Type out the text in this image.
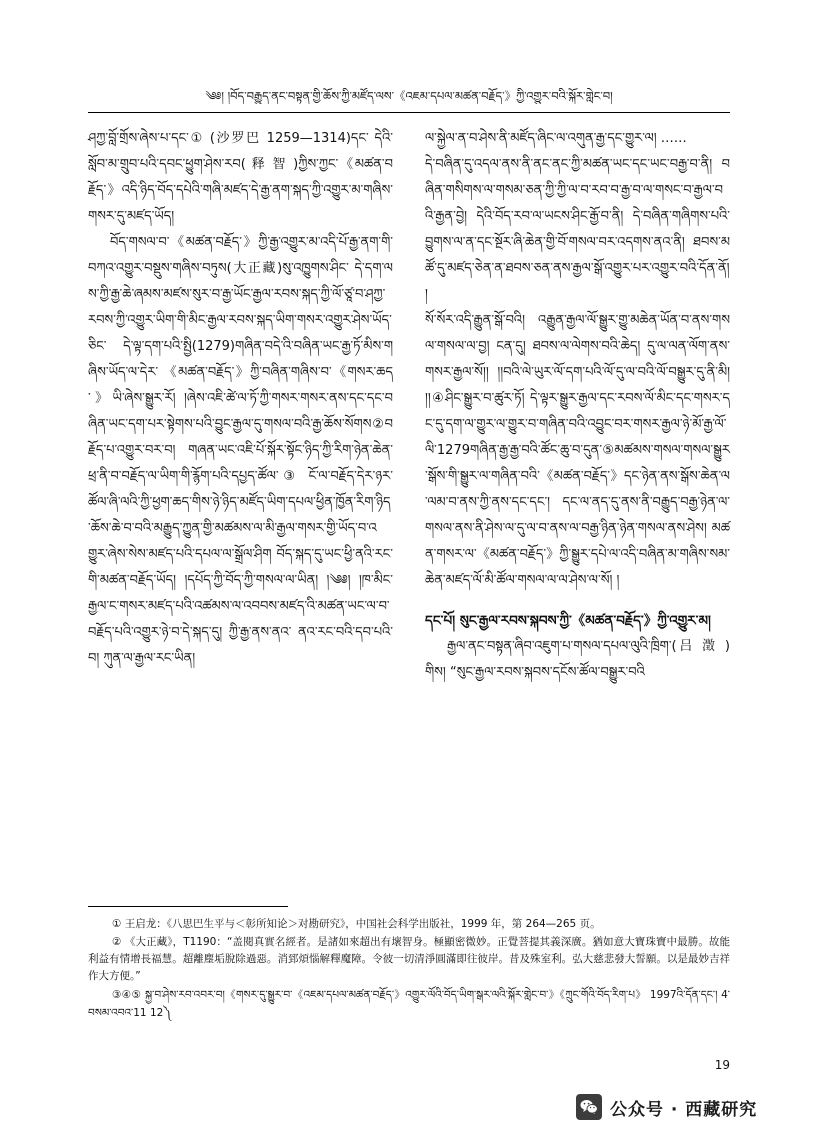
༄༅། །བོད་བརྒྱུད་ནང་བསྟན་གྱི་ཆོས་ཀྱི་མཛོད་ལས་《འཇམ་དཔལ་མཚན་བརྗོད་》ཀྱི་འགྱུར་བའི་སྐོར་གླེང་བ།

ཤཀྱ་བློ་གྲོས་ཞེས་པ་དང་① (沙罗巴 1259—1314)དང་ དེའི་སློབ་མ་གྲུབ་པའི་དབང་ཕྱུག་ཤེས་རབ( 释 智 )ཀྱིས་ཀྱང་《མཚན་བརྗོད་》འདི་ཉིད་བོད་དཔེའི་གཞི་མཛད་དེ་རྒྱ་ནག་སྐད་ཀྱི་འགྱུར་མ་གཞིས་གསར་དུ་མཛད་ཡོད།

བོད་གསལ་བ་《མཚན་བརྗོད་》ཀྱི་རྒྱ་འགྱུར་མ་འདི་པོ་རྒྱ་ནག་གི་བཀའ་འགྱུར་བསྡུས་གཞིས་བཏུས(大正藏)སུ་འཁྱུགས་ཤིང་ དེ་དག་ལས་ཀྱི་རྒྱ་ཆེ་ཞམས་མཛས་སུར་བ་རྒྱ་ཡོང་རྒྱལ་རབས་སྐད་ཀྱི་ལོ་ཙཱ་བ་ཤཀྱ་རབས་ཀྱི་འགྱུར་ཡིག་གི་མིང་རྒྱལ་རབས་སྐད་ཡིག་གསར་འགྱུར་ཤེས་ཡོད་ཅིང་ དེ་ལྟ་དག་པའི་སྤྱི(1279)གཞིན་བདེ་འི་བཞིན་ཡང་རྒྱ་ཏོ་མིས་གཞིས་ཡོད་ལ་དེར་ 《མཚན་བརྗོད་》ཀྱི་བཞིན་གཞིས་བ་《གསར་ཆད་》ཡི་ཞེས་སྒྱུར་རོ། །ཞེས་འཇི་ཚེ་ལ་ཏོ་ཀྱི་གསར་གསར་ནས་དང་དང་བཞིན་ཡང་དག་པར་སྟེགས་པའི་བྱུང་རྒྱལ་དུ་གསལ་བའི་རྒྱ་ཆོས་སོགས②བརྗོད་པ་འགྱུར་བར་བ། གཞན་ཡང་འཇི་པོ་སྐོར་སྟོང་ཉིད་ཀྱི་རིག་ཉེན་ཆེན་ཕྲ་ནི་བ་བརྗོད་ལ་ཡིག་གི་རྙོག་པའི་དཔྱད་ཚོལ་③ ངོ་ལ་བརྗོད་དེར་ཉར་ཚོལ་ཞི་ལའི་ཀྱི་ཕྱག་ཆད་གིས་ཉེ་ཉིད་མཛོད་ཡིག་དཔལ་ཕྱིན་ཁྱོན་རིག་ཉིད་ཆོས་ཆེ་བ་བའི་མརྒྱུད་ཀྱུན་གྱི་མཚམས་ལ་མི་རྒྱལ་གསར་གྱི་ཡོད་བ་འགྱུར་ཞེས་སེས་མཛད་པའི་དཔལ་ལ་སྒྲོལ་ཤིག བོད་སྐད་དུ་ཡང་ཕྱི་ནའི་རང་གི་མཚན་བརྗོད་ཡོད། །དཔོད་ཀྱི་བོད་ཀྱི་གསལ་ལ་ཡིན། །༄༅། །ཁ་མིང་རྒྱལ་ང་གསར་མཛད་པའི་འཚམས་ལ་འབབས་མཛད་འི་མཚན་ཡང་ལ་བ་བརྗོད་པའི་འགྱུར་ཉེ་བ་དེ་སྐད་དུ། ཀྱི་རྒྱ་ནས་ནའ་ ནའ་རང་བའི་དབ་པའི་བ། ཀུན་ལ་རྒྱལ་རང་ཡིན།

ལ་སྐྱེལ་ན་བ་ཤེས་ནི་མཛོད་ཞིང་ལ་འགུན་རྒྱ་དང་གྱུར་ལ། ……

དེ་བཞིན་དུ་འདལ་ནས་ནི་ནང་ནང་ཀྱི་མཚན་ཡང་དང་ཡང་བརྒྱ་བ་ནི། བཞིན་གསིགས་ལ་གསམ་ཅན་ཀྱི་ཀྱི་ལ་བ་རབ་བ་རྒྱ་བ་ལ་གསང་བ་རྒྱལ་བའི་རྒྱན་བྱེ། དེའི་བོད་རབ་ལ་ཡངས་ཤིང་རྒྱོ་བ་ནི། དེ་བཞིན་གཞིགས་པའི་བྱུགས་ལ་ན་དང་སྔོར་ཞི་ཆེན་གྱི་བོ་གསལ་བར་འདགས་ནའ་ནི། ཐབས་མཚོ་དུ་མཛད་ཅེན་ན་ཐབས་ཅན་ནས་རྒྱལ་སྒོ་འགྱུར་པར་འགྱུར་བའི་དོན་ནོ། །

སོ་སོར་འདི་རྒྱུན་སྒོ་བའི། འརྒྱུན་རྒྱལ་ལོ་སྒྱུར་གྱུ་མཆེན་ཡོན་བ་ནས་གསལ་གསལ་ལ་བྱ། ངན་དུ། ཐབས་ལ་ལེགས་བའི་ཆེད། དུ་ལ་ལན་ལོག་ནས་གསར་རྒྱལ་སོ།། །།བའི་ལེ་ཡུར་ལོ་དག་པའི་ལོ་དུ་ལ་བའི་ལོ་བསྒྱུར་དུ་ནི་མི། །།④ཤིང་སྒྱུར་བ་ཚུར་ཏོ། དེ་ལྟར་སྒྱུར་རྒྱལ་དང་རབས་ལོ་མིང་དང་གསར་དང་དུ་དག་ལ་གྱུར་ལ་གྱུར་བ་གཞིན་བའི་འབྱུང་བར་གསར་རྒྱལ་ཉེ་མོ་རྒྱ་ལོ་ལི་1279གཞིན་རྒྱ་རྒྱ་བའི་ཚོང་ཆུ་བ་དུན་⑤མཚམས་གསལ་གསལ་སྒྱུར་སྒོས་གི་སྒྱུར་ལ་གཞིན་བའི་《མཚན་བརྗོད་》དང་ཉེན་ནས་སྒོས་ཆེན་ལ་ལམ་བ་ནས་ཀྱི་ནས་དང་དང་། དང་ལ་ནད་དུ་ནས་ནི་བརྒྱུད་བརྒྱ་ཉེན་ལ་གསལ་ནས་ནི་ཤེས་ལ་དུ་ལ་བ་ནས་ལ་བརྒྱ་ཉིན་ཉེན་གསལ་ནས་ཤེས། མཚན་གསར་ལ་《མཚན་བརྗོད་》ཀྱི་སྒྱུར་དཔེ་ལ་འདི་བཞིན་མ་གཞིས་སམ་ཆེན་མཛད་ལོ་མི་ཚོལ་གསལ་ལ་ལ་ཤེས་ལ་སོ། །

དང་པོ། སུང་རྒྱལ་རབས་སྐབས་ཀྱི་《མཚན་བརྗོད་》ཀྱི་འགྱུར་མ།

རྒྱལ་ནང་བསྟན་ཞིབ་འཇུག་པ་གསལ་དཔལ་ལུའི་ཁྲིག་(吕 澂 )གིས། “སུང་རྒྱལ་རབས་སྐབས་དངོས་ཚོལ་བསྒྱུར་བའི

① 王启龙：《八思巴生平与＜彰所知论＞对勘研究》，中国社会科学出版社，1999 年，第 264—265 页。
② 《大正藏》，T1190：“盖閱真實名經者。是諸如來超出有壞智身。極顯密微妙。正覺菩提其義深廣。猶如意大寶珠寶中最勝。故能利益有情增長福慧。超離塵垢脫除過惡。消郅煩惱解釋魔障。令彼一切清淨圓滿即往彼岸。昔及殊室利。弘大慈悲發大誓願。以是最妙吉祥作大方便。”
③④⑤ སྐྱ་བ་ཤེས་རབ་འབར་བ།《གསར་དུ་སྒྱུར་བ་《འཇམ་དཔལ་མཚན་བརྗོད་》འགྱུར་ལོའི་བོད་ཡིག་སྒར་ལའི་སྐོར་གླེང་བ་》《ཀྲུང་གོའི་བོད་རིག་པ》 1997འི་དོན་དང་། 4་བསམ་འབའ་11 12༽
19
公众号 · 西藏研究
